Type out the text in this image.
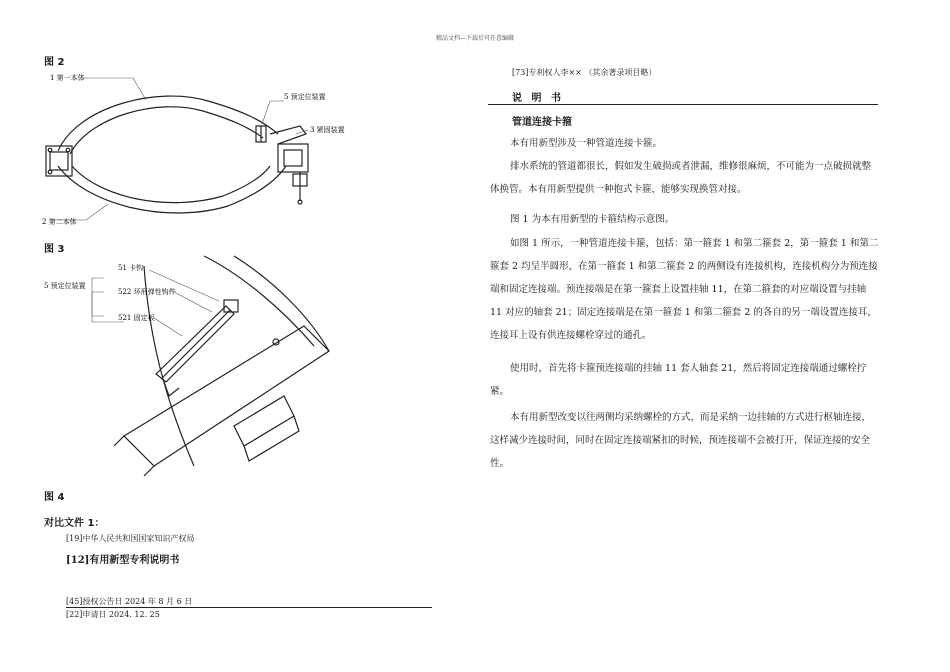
精品文档---下载后可任意编辑
图 2
1 第一本体
5 预定位装置
3 紧固装置
2 第二本体
图 3
5 预定位装置
51 卡钩
522 环形弹性钩件
521 固定板
图 4
对比文件 1：
[19]中华人民共和国国家知识产权局
[12]有用新型专利说明书
[45]授权公告日 2024 年 8 月 6 日
[22]申请日 2024. 12. 25
[73]专利权人李×× （其余著录项目略）
说 明 书
管道连接卡箍

本有用新型涉及一种管道连接卡箍。

排水系统的管道都很长，假如发生破损或者泄漏，维修很麻烦，不可能为一点破损就整体换管。本有用新型提供一种抱式卡箍，能够实现换管对接。

图 1 为本有用新型的卡箍结构示意图。

如图 1 所示，一种管道连接卡箍，包括：第一箍套 1 和第二箍套 2，第一箍套 1 和第二箍套 2 均呈半圆形，在第一箍套 1 和第二箍套 2 的两侧设有连接机构，连接机构分为预连接端和固定连接端。预连接端是在第一箍套上设置挂轴 11，在第二箍套的对应端设置与挂轴 11 对应的轴套 21；固定连接端是在第一箍套 1 和第二箍套 2 的各自的另一端设置连接耳，连接耳上设有供连接螺栓穿过的通孔。

使用时，首先将卡箍预连接端的挂轴 11 套人轴套 21，然后将固定连接端通过螺栓拧紧。

本有用新型改变以往两侧均采纳螺栓的方式，而是采纳一边挂轴的方式进行枢轴连接，这样减少连接时间，同时在固定连接端紧扣的时候，预连接端不会被打开，保证连接的安全性。
